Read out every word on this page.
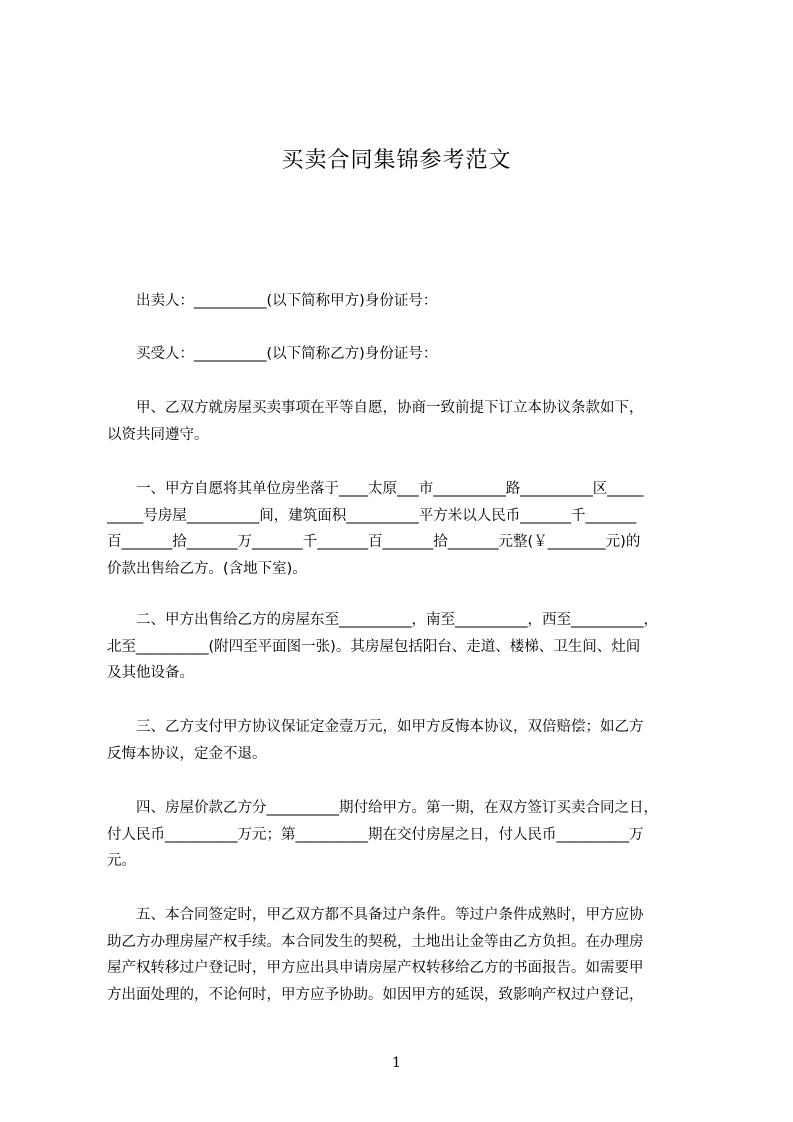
买卖合同集锦参考范文
出卖人：__________(以下简称甲方)身份证号：
买受人：__________(以下简称乙方)身份证号：
甲、乙双方就房屋买卖事项在平等自愿，协商一致前提下订立本协议条款如下，
以资共同遵守。
一、甲方自愿将其单位房坐落于____太原___市__________路__________区_____
_____号房屋__________间，建筑面积__________平方米以人民币_______千_______
百_______拾_______万_______千_______百_______拾_______元整(￥________元)的
价款出售给乙方。(含地下室)。
二、甲方出售给乙方的房屋东至__________，南至__________，西至__________，
北至__________(附四至平面图一张)。其房屋包括阳台、走道、楼梯、卫生间、灶间
及其他设备。
三、乙方支付甲方协议保证定金壹万元，如甲方反悔本协议，双倍赔偿；如乙方
反悔本协议，定金不退。
四、房屋价款乙方分__________期付给甲方。第一期，在双方签订买卖合同之日，
付人民币__________万元；第__________期在交付房屋之日，付人民币__________万
元。
五、本合同签定时，甲乙双方都不具备过户条件。等过户条件成熟时，甲方应协
助乙方办理房屋产权手续。本合同发生的契税，土地出让金等由乙方负担。在办理房
屋产权转移过户登记时，甲方应出具申请房屋产权转移给乙方的书面报告。如需要甲
方出面处理的，不论何时，甲方应予协助。如因甲方的延误，致影响产权过户登记，
1
